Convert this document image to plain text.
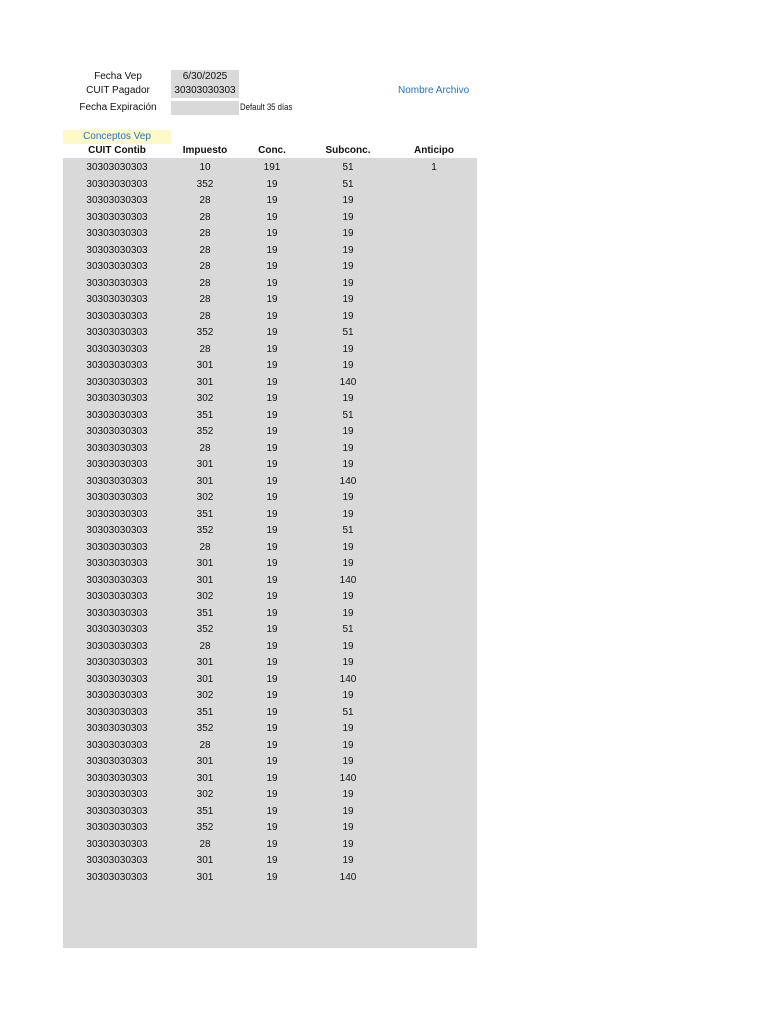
Fecha Vep	6/30/2025
CUIT Pagador	30303030303
Fecha Expiración	Default 35 días
Nombre Archivo
Conceptos Vep
CUIT Contib	Impuesto	Conc.	Subconc.	Anticipo
30303030303	10	191	51	1
30303030303	352	19	51
30303030303	28	19	19
30303030303	28	19	19
30303030303	28	19	19
30303030303	28	19	19
30303030303	28	19	19
30303030303	28	19	19
30303030303	28	19	19
30303030303	28	19	19
30303030303	352	19	51
30303030303	28	19	19
30303030303	301	19	19
30303030303	301	19	140
30303030303	302	19	19
30303030303	351	19	51
30303030303	352	19	19
30303030303	28	19	19
30303030303	301	19	19
30303030303	301	19	140
30303030303	302	19	19
30303030303	351	19	19
30303030303	352	19	51
30303030303	28	19	19
30303030303	301	19	19
30303030303	301	19	140
30303030303	302	19	19
30303030303	351	19	19
30303030303	352	19	51
30303030303	28	19	19
30303030303	301	19	19
30303030303	301	19	140
30303030303	302	19	19
30303030303	351	19	51
30303030303	352	19	19
30303030303	28	19	19
30303030303	301	19	19
30303030303	301	19	140
30303030303	302	19	19
30303030303	351	19	19
30303030303	352	19	19
30303030303	28	19	19
30303030303	301	19	19
30303030303	301	19	140
